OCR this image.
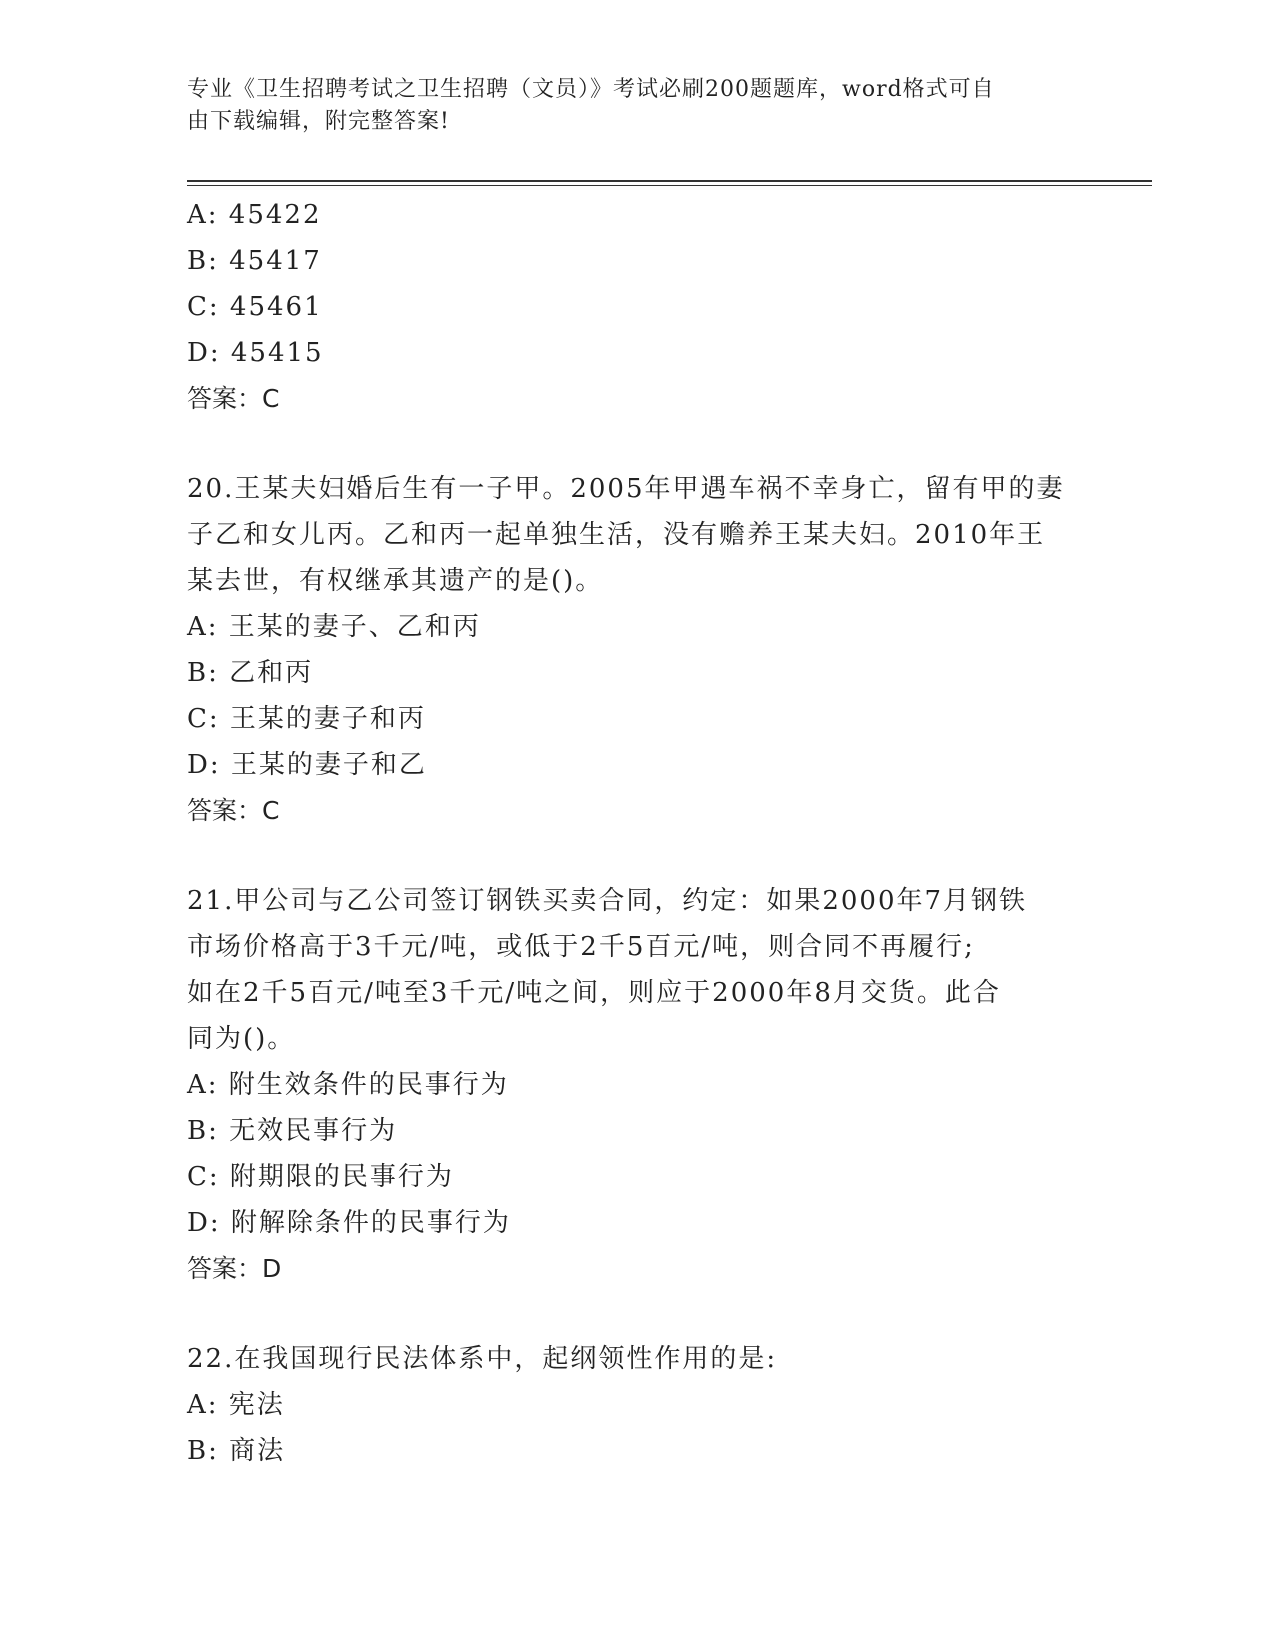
专业《卫生招聘考试之卫生招聘（文员）》考试必刷200题题库，word格式可自
由下载编辑，附完整答案!
A: 45422
B: 45417
C: 45461
D: 45415
答案：C
20.王某夫妇婚后生有一子甲。2005年甲遇车祸不幸身亡，留有甲的妻
子乙和女儿丙。乙和丙一起单独生活，没有赡养王某夫妇。2010年王
某去世，有权继承其遗产的是()。
A: 王某的妻子、乙和丙
B: 乙和丙
C: 王某的妻子和丙
D: 王某的妻子和乙
答案：C
21.甲公司与乙公司签订钢铁买卖合同，约定：如果2000年7月钢铁
市场价格高于3千元/吨，或低于2千5百元/吨，则合同不再履行;
如在2千5百元/吨至3千元/吨之间，则应于2000年8月交货。此合
同为()。
A: 附生效条件的民事行为
B: 无效民事行为
C: 附期限的民事行为
D: 附解除条件的民事行为
答案：D
22.在我国现行民法体系中，起纲领性作用的是:
A: 宪法
B: 商法
